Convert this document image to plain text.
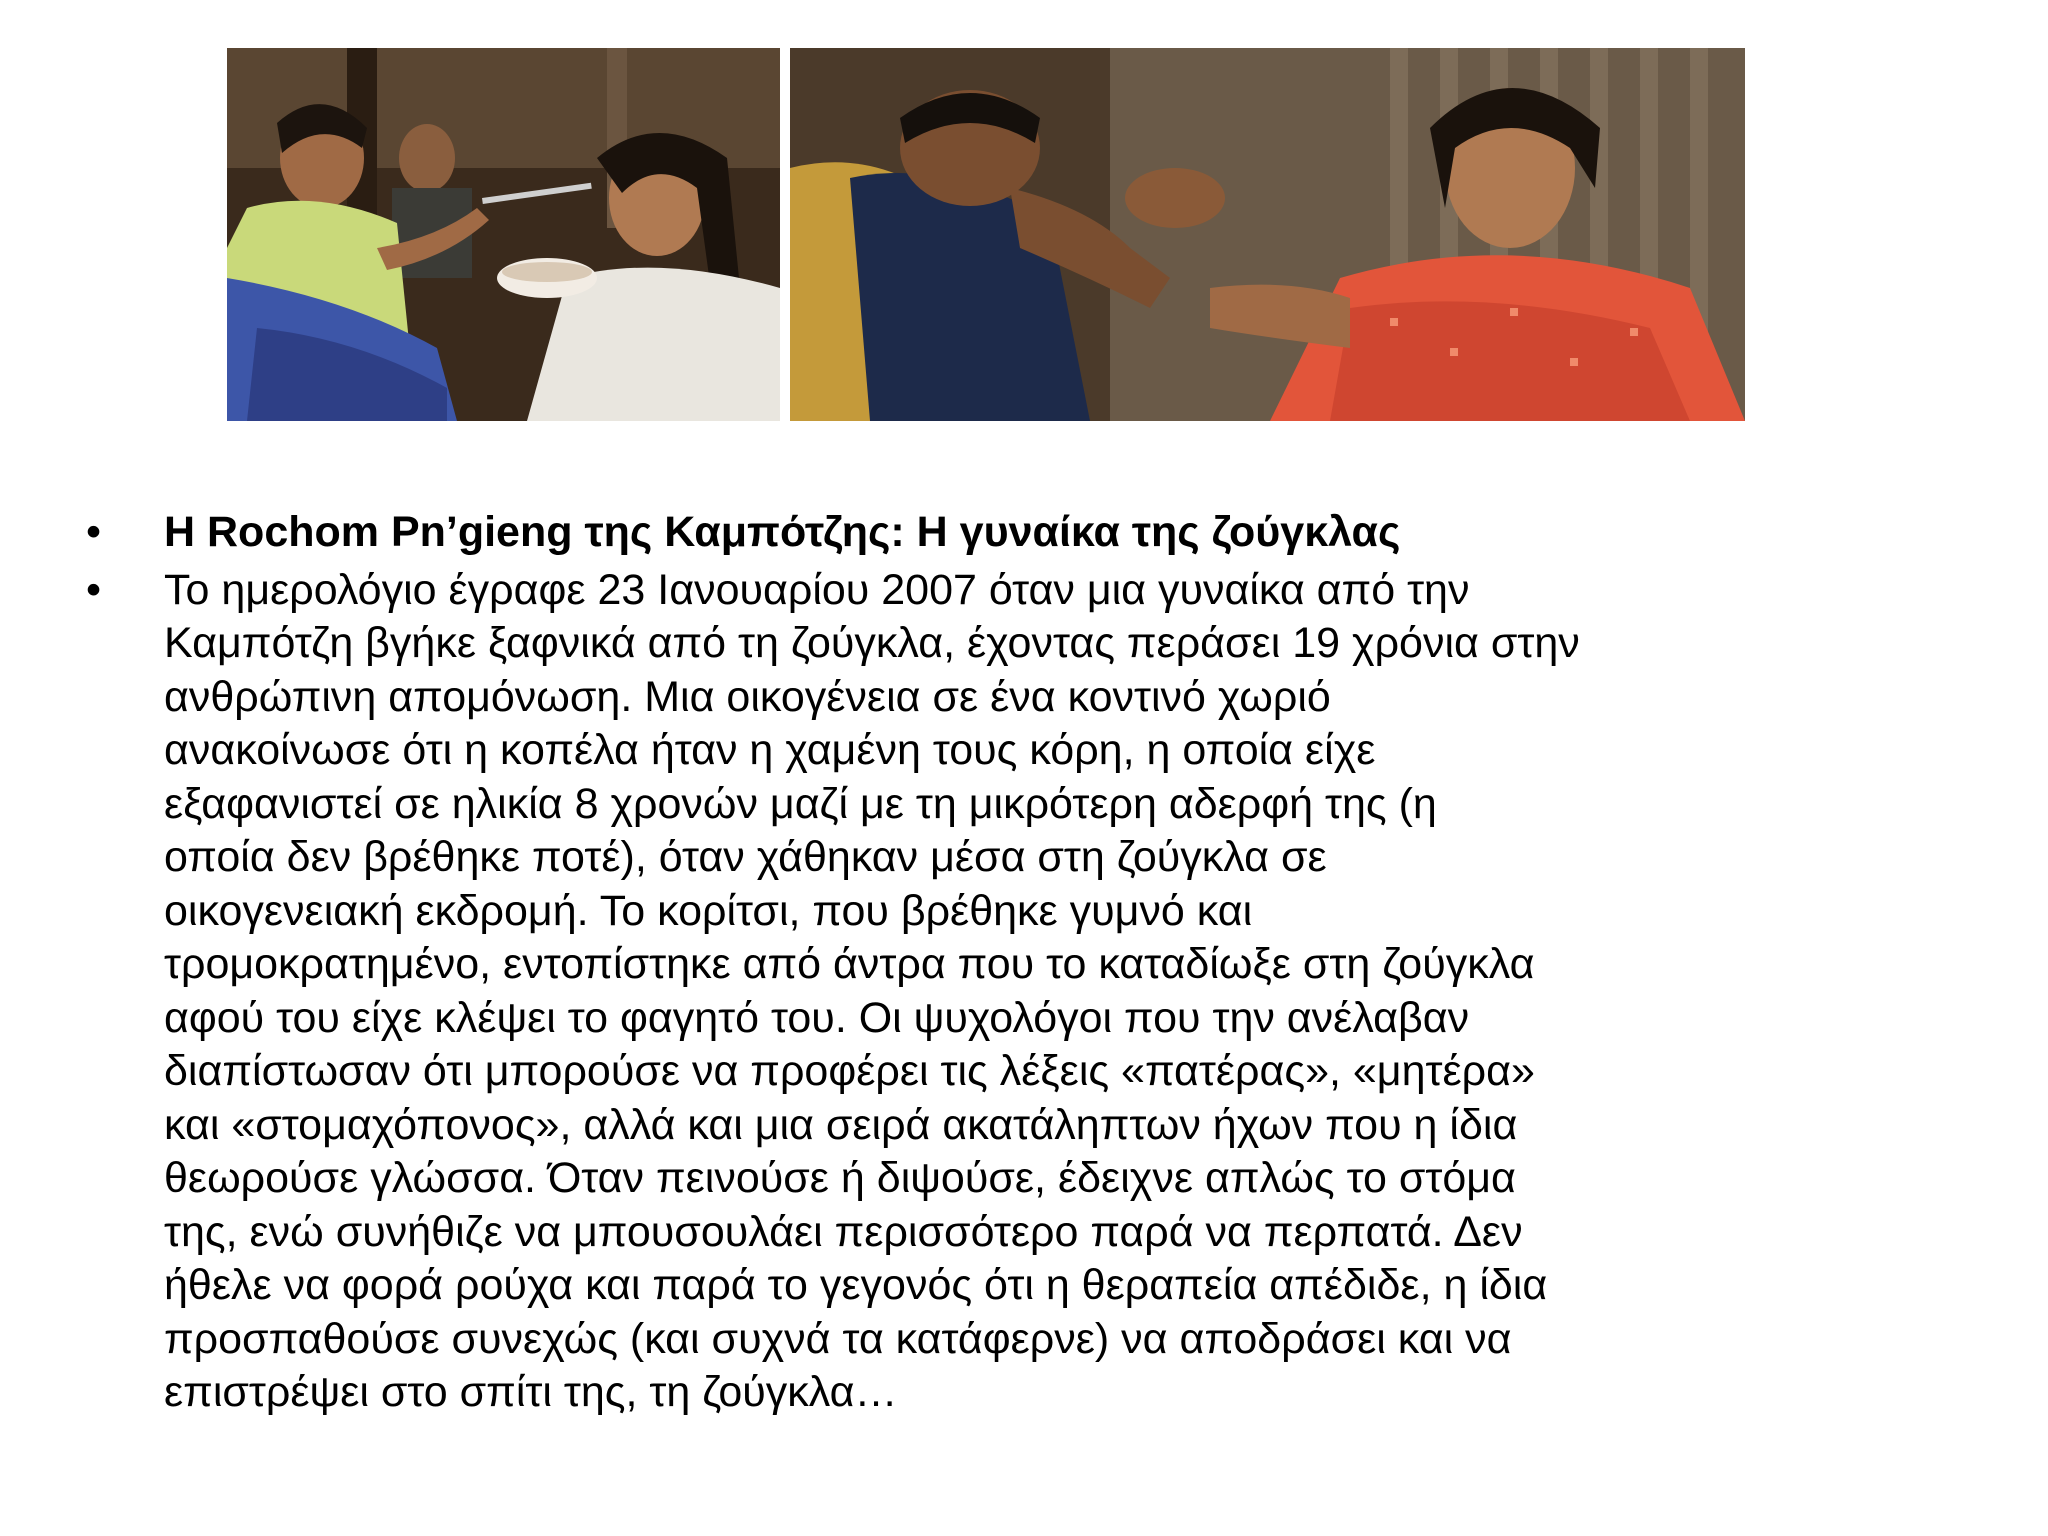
•	Η Rochom Pn’gieng της Καμπότζης: Η γυναίκα της ζούγκλας
•	Το ημερολόγιο έγραφε 23 Ιανουαρίου 2007 όταν μια γυναίκα από την
Καμπότζη βγήκε ξαφνικά από τη ζούγκλα, έχοντας περάσει 19 χρόνια στην
ανθρώπινη απομόνωση. Μια οικογένεια σε ένα κοντινό χωριό
ανακοίνωσε ότι η κοπέλα ήταν η χαμένη τους κόρη, η οποία είχε
εξαφανιστεί σε ηλικία 8 χρονών μαζί με τη μικρότερη αδερφή της (η
οποία δεν βρέθηκε ποτέ), όταν χάθηκαν μέσα στη ζούγκλα σε
οικογενειακή εκδρομή. Το κορίτσι, που βρέθηκε γυμνό και
τρομοκρατημένο, εντοπίστηκε από άντρα που το καταδίωξε στη ζούγκλα
αφού του είχε κλέψει το φαγητό του. Οι ψυχολόγοι που την ανέλαβαν
διαπίστωσαν ότι μπορούσε να προφέρει τις λέξεις «πατέρας», «μητέρα»
και «στομαχόπονος», αλλά και μια σειρά ακατάληπτων ήχων που η ίδια
θεωρούσε γλώσσα. Όταν πεινούσε ή διψούσε, έδειχνε απλώς το στόμα
της, ενώ συνήθιζε να μπουσουλάει περισσότερο παρά να περπατά. Δεν
ήθελε να φορά ρούχα και παρά το γεγονός ότι η θεραπεία απέδιδε, η ίδια
προσπαθούσε συνεχώς (και συχνά τα κατάφερνε) να αποδράσει και να
επιστρέψει στο σπίτι της, τη ζούγκλα…
